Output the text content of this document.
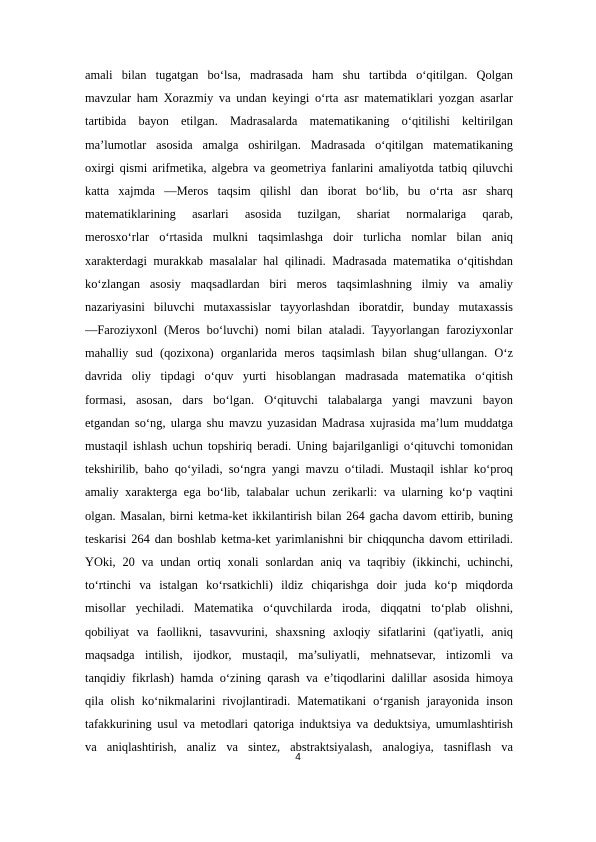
amali bilan tugatgan bo‘lsa, madrasada ham shu tartibda o‘qitilgan. Qolgan
mavzular ham Xorazmiy va undan keyingi o‘rta asr matematiklari yozgan asarlar
tartibida bayon etilgan. Madrasalarda matematikaning o‘qitilishi keltirilgan
ma’lumotlar asosida amalga oshirilgan. Madrasada o‘qitilgan matematikaning
oxirgi qismi arifmetika, algebra va geometriya fanlarini amaliyotda tatbiq qiluvchi
katta xajmda ―Meros taqsim qilishl dan iborat bo‘lib, bu o‘rta asr sharq
matematiklarining asarlari asosida tuzilgan, shariat normalariga qarab,
merosxo‘rlar o‘rtasida mulkni taqsimlashga doir turlicha nomlar bilan aniq
xarakterdagi murakkab masalalar hal qilinadi. Madrasada matematika o‘qitishdan
ko‘zlangan asosiy maqsadlardan biri meros taqsimlashning ilmiy va amaliy
nazariyasini biluvchi mutaxassislar tayyorlashdan iboratdir, bunday mutaxassis
―Faroziyxonl (Meros bo‘luvchi) nomi bilan ataladi. Tayyorlangan faroziyxonlar
mahalliy sud (qozixona) organlarida meros taqsimlash bilan shug‘ullangan. O‘z
davrida oliy tipdagi o‘quv yurti hisoblangan madrasada matematika o‘qitish
formasi, asosan, dars bo‘lgan. O‘qituvchi talabalarga yangi mavzuni bayon
etgandan so‘ng, ularga shu mavzu yuzasidan Madrasa xujrasida ma’lum muddatga
mustaqil ishlash uchun topshiriq beradi. Uning bajarilganligi o‘qituvchi tomonidan
tekshirilib, baho qo‘yiladi, so‘ngra yangi mavzu o‘tiladi. Mustaqil ishlar ko‘proq
amaliy xarakterga ega bo‘lib, talabalar uchun zerikarli: va ularning ko‘p vaqtini
olgan. Masalan, birni ketma-ket ikkilantirish bilan 264 gacha davom ettirib, buning
teskarisi 264 dan boshlab ketma-ket yarimlanishni bir chiqquncha davom ettiriladi.
YOki, 20 va undan ortiq xonali sonlardan aniq va taqribiy (ikkinchi, uchinchi,
to‘rtinchi va istalgan ko‘rsatkichli) ildiz chiqarishga doir juda ko‘p miqdorda
misollar yechiladi. Matematika o‘quvchilarda iroda, diqqatni to‘plab olishni,
qobiliyat va faollikni, tasavvurini, shaxsning axloqiy sifatlarini (qat'iyatli, aniq
maqsadga intilish, ijodkor, mustaqil, ma’suliyatli, mehnatsevar, intizomli va
tanqidiy fikrlash) hamda o‘zining qarash va e’tiqodlarini dalillar asosida himoya
qila olish ko‘nikmalarini rivojlantiradi. Matematikani o‘rganish jarayonida inson
tafakkurining usul va metodlari qatoriga induktsiya va deduktsiya, umumlashtirish
va aniqlashtirish, analiz va sintez, abstraktsiyalash, analogiya, tasniflash va
4
